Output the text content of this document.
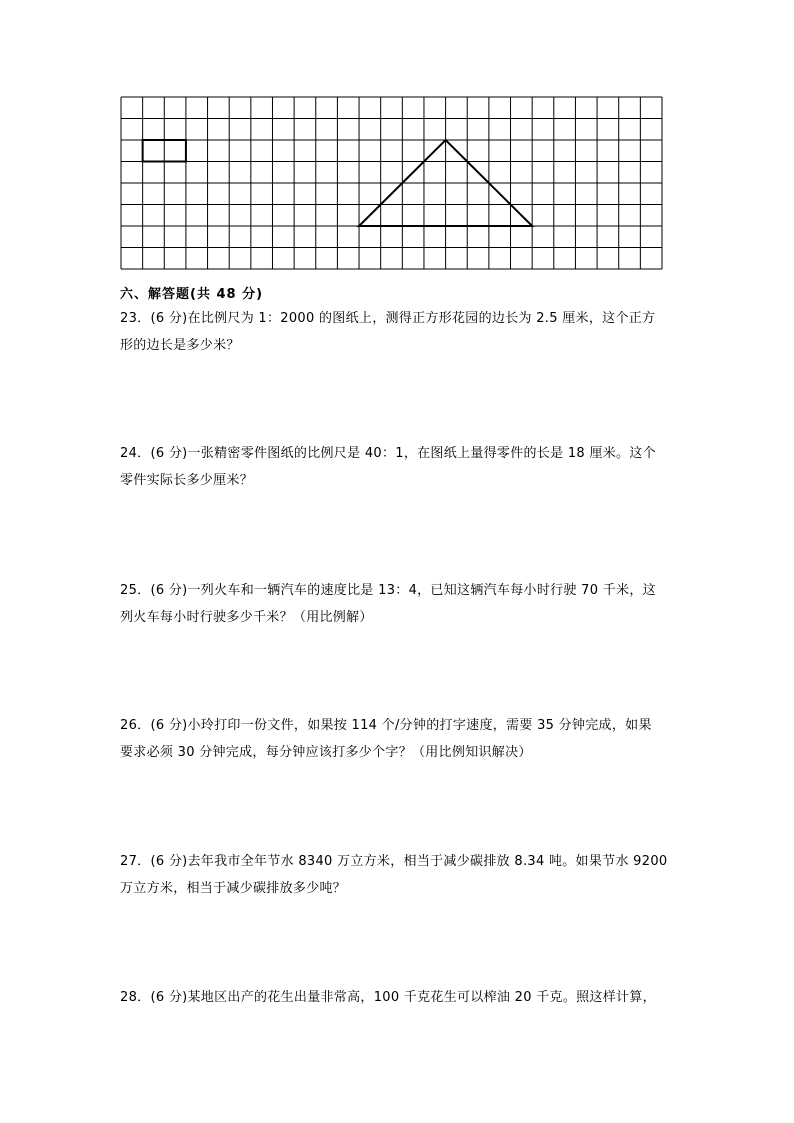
六、解答题(共 48 分)
23．(6 分)在比例尺为 1：2000 的图纸上，测得正方形花园的边长为 2.5 厘米，这个正方
形的边长是多少米？
24．(6 分)一张精密零件图纸的比例尺是 40：1，在图纸上量得零件的长是 18 厘米。这个
零件实际长多少厘米？
25．(6 分)一列火车和一辆汽车的速度比是 13：4，已知这辆汽车每小时行驶 70 千米，这
列火车每小时行驶多少千米？（用比例解）
26．(6 分)小玲打印一份文件，如果按 114 个/分钟的打字速度，需要 35 分钟完成，如果
要求必须 30 分钟完成，每分钟应该打多少个字？（用比例知识解决）
27．(6 分)去年我市全年节水 8340 万立方米，相当于减少碳排放 8.34 吨。如果节水 9200
万立方米，相当于减少碳排放多少吨？
28．(6 分)某地区出产的花生出量非常高，100 千克花生可以榨油 20 千克。照这样计算，
